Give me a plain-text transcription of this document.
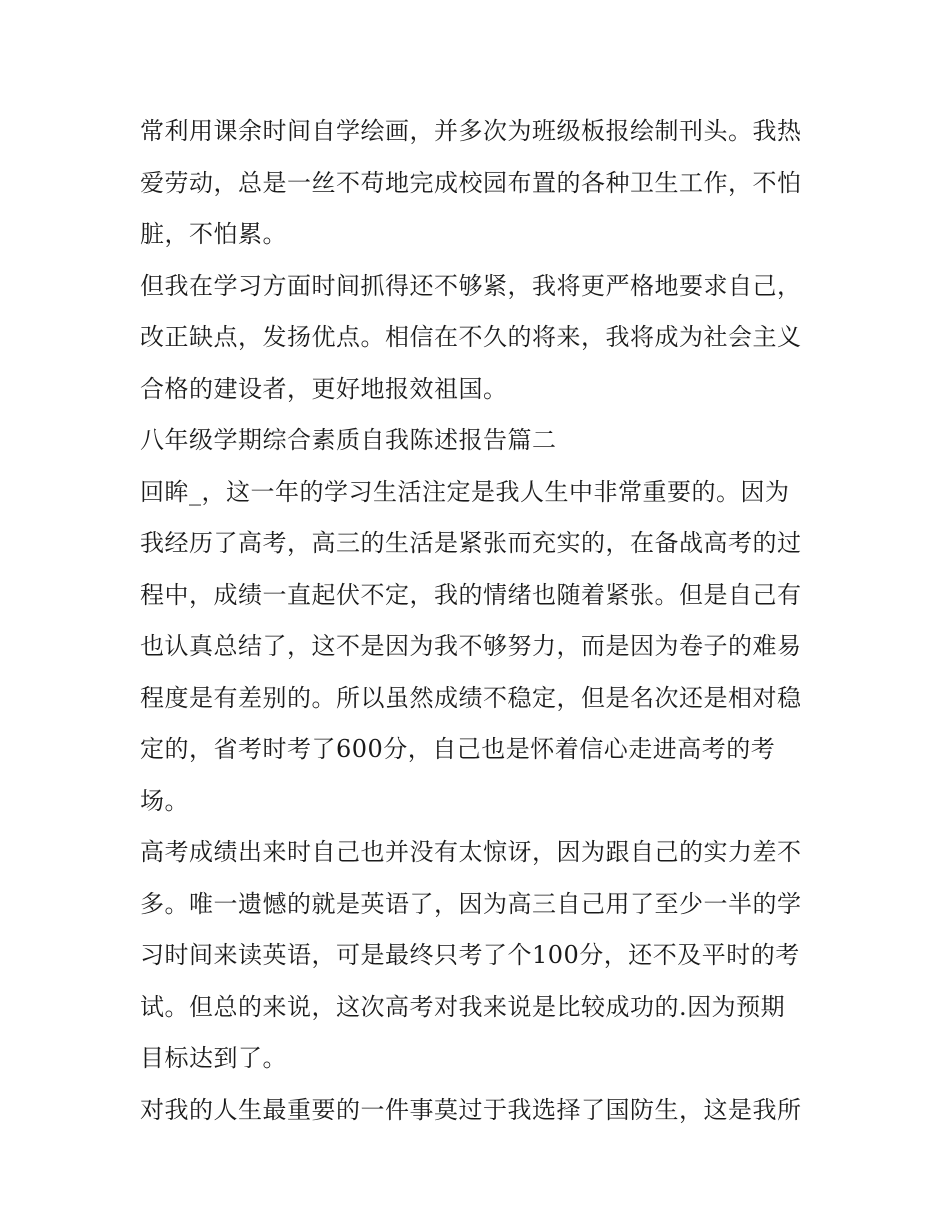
常利用课余时间自学绘画，并多次为班级板报绘制刊头。我热
爱劳动，总是一丝不苟地完成校园布置的各种卫生工作，不怕
脏，不怕累。
但我在学习方面时间抓得还不够紧，我将更严格地要求自己，
改正缺点，发扬优点。相信在不久的将来，我将成为社会主义
合格的建设者，更好地报效祖国。
八年级学期综合素质自我陈述报告篇二
回眸_，这一年的学习生活注定是我人生中非常重要的。因为
我经历了高考，高三的生活是紧张而充实的，在备战高考的过
程中，成绩一直起伏不定，我的情绪也随着紧张。但是自己有
也认真总结了，这不是因为我不够努力，而是因为卷子的难易
程度是有差别的。所以虽然成绩不稳定，但是名次还是相对稳
定的，省考时考了600分，自己也是怀着信心走进高考的考
场。
高考成绩出来时自己也并没有太惊讶，因为跟自己的实力差不
多。唯一遗憾的就是英语了，因为高三自己用了至少一半的学
习时间来读英语，可是最终只考了个100分，还不及平时的考
试。但总的来说，这次高考对我来说是比较成功的.因为预期
目标达到了。
对我的人生最重要的一件事莫过于我选择了国防生，这是我所
